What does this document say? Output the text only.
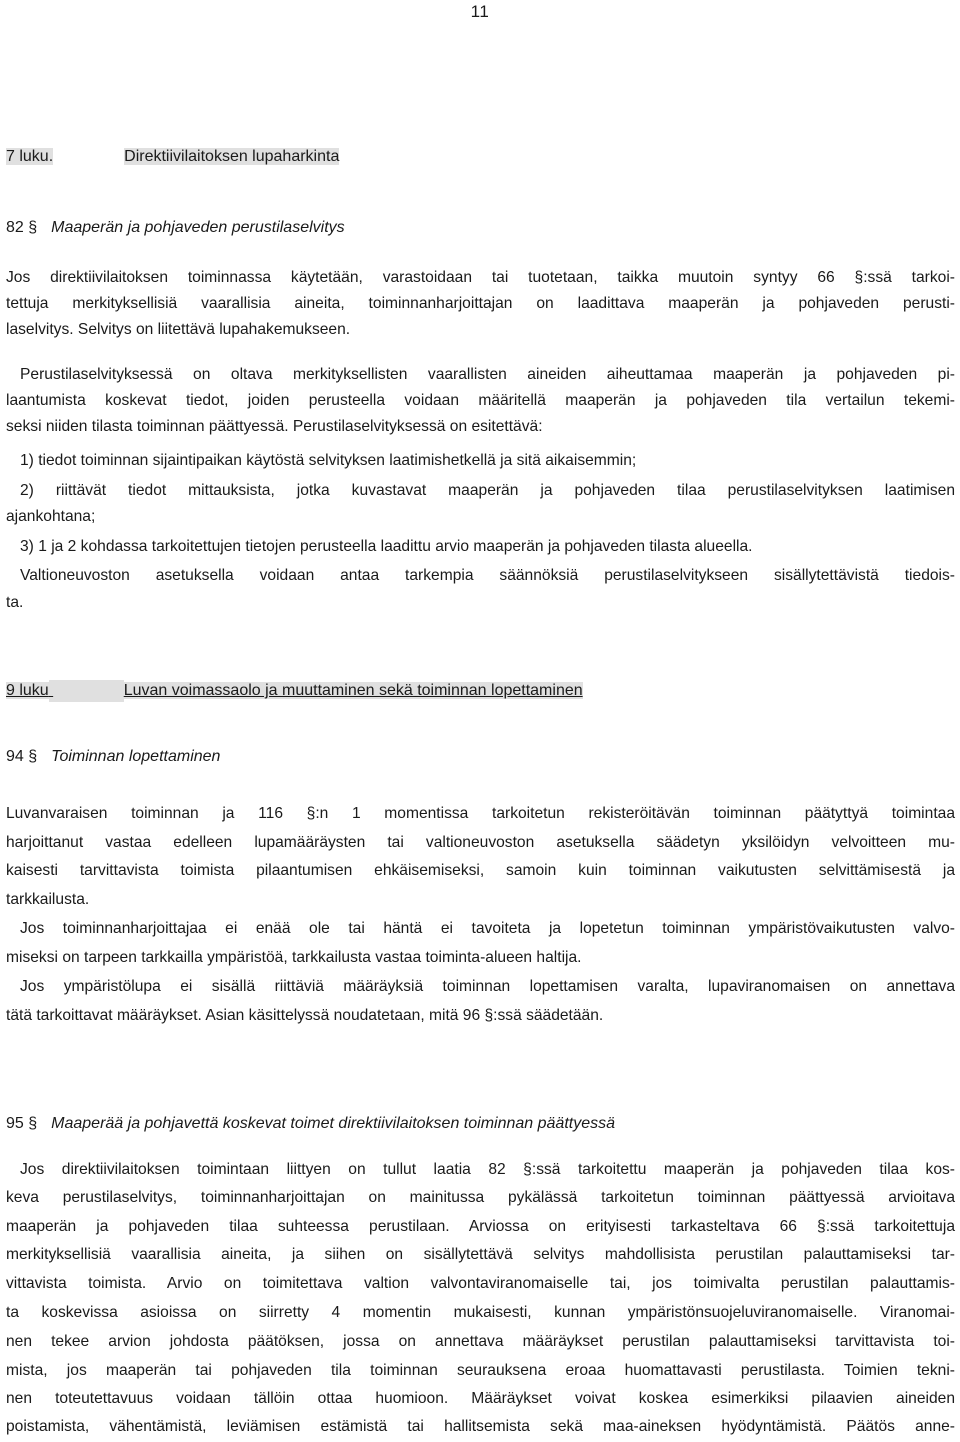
11
7 luku.	Direktiivilaitoksen lupaharkinta
82 § Maaperän ja pohjaveden perustilaselvitys
Jos direktiivilaitoksen toiminnassa käytetään, varastoidaan tai tuotetaan, taikka muutoin syntyy 66 §:ssä tarkoi-
tettuja merkityksellisiä vaarallisia aineita, toiminnanharjoittajan on laadittava maaperän ja pohjaveden perusti-
laselvitys. Selvitys on liitettävä lupahakemukseen.
Perustilaselvityksessä on oltava merkityksellisten vaarallisten aineiden aiheuttamaa maaperän ja pohjaveden pi-
laantumista koskevat tiedot, joiden perusteella voidaan määritellä maaperän ja pohjaveden tila vertailun tekemi-
seksi niiden tilasta toiminnan päättyessä. Perustilaselvityksessä on esitettävä:
1) tiedot toiminnan sijaintipaikan käytöstä selvityksen laatimishetkellä ja sitä aikaisemmin;
2) riittävät tiedot mittauksista, jotka kuvastavat maaperän ja pohjaveden tilaa perustilaselvityksen laatimisen
ajankohtana;
3) 1 ja 2 kohdassa tarkoitettujen tietojen perusteella laadittu arvio maaperän ja pohjaveden tilasta alueella.
Valtioneuvoston asetuksella voidaan antaa tarkempia säännöksiä perustilaselvitykseen sisällytettävistä tiedois-
ta.
9 luku	Luvan voimassaolo ja muuttaminen sekä toiminnan lopettaminen
94 § Toiminnan lopettaminen
Luvanvaraisen toiminnan ja 116 §:n 1 momentissa tarkoitetun rekisteröitävän toiminnan päätyttyä toimintaa
harjoittanut vastaa edelleen lupamääräysten tai valtioneuvoston asetuksella säädetyn yksilöidyn velvoitteen mu-
kaisesti tarvittavista toimista pilaantumisen ehkäisemiseksi, samoin kuin toiminnan vaikutusten selvittämisestä ja
tarkkailusta.
Jos toiminnanharjoittajaa ei enää ole tai häntä ei tavoiteta ja lopetetun toiminnan ympäristövaikutusten valvo-
miseksi on tarpeen tarkkailla ympäristöä, tarkkailusta vastaa toiminta-alueen haltija.
Jos ympäristölupa ei sisällä riittäviä määräyksiä toiminnan lopettamisen varalta, lupaviranomaisen on annettava
tätä tarkoittavat määräykset. Asian käsittelyssä noudatetaan, mitä 96 §:ssä säädetään.
95 § Maaperää ja pohjavettä koskevat toimet direktiivilaitoksen toiminnan päättyessä
Jos direktiivilaitoksen toimintaan liittyen on tullut laatia 82 §:ssä tarkoitettu maaperän ja pohjaveden tilaa kos-
keva perustilaselvitys, toiminnanharjoittajan on mainitussa pykälässä tarkoitetun toiminnan päättyessä arvioitava
maaperän ja pohjaveden tilaa suhteessa perustilaan. Arviossa on erityisesti tarkasteltava 66 §:ssä tarkoitettuja
merkityksellisiä vaarallisia aineita, ja siihen on sisällytettävä selvitys mahdollisista perustilan palauttamiseksi tar-
vittavista toimista. Arvio on toimitettava valtion valvontaviranomaiselle tai, jos toimivalta perustilan palauttamis-
ta koskevissa asioissa on siirretty 4 momentin mukaisesti, kunnan ympäristönsuojeluviranomaiselle. Viranomai-
nen tekee arvion johdosta päätöksen, jossa on annettava määräykset perustilan palauttamiseksi tarvittavista toi-
mista, jos maaperän tai pohjaveden tila toiminnan seurauksena eroaa huomattavasti perustilasta. Toimien tekni-
nen toteutettavuus voidaan tällöin ottaa huomioon. Määräykset voivat koskea esimerkiksi pilaavien aineiden
poistamista, vähentämistä, leviämisen estämistä tai hallitsemista sekä maa-aineksen hyödyntämistä. Päätös anne-
